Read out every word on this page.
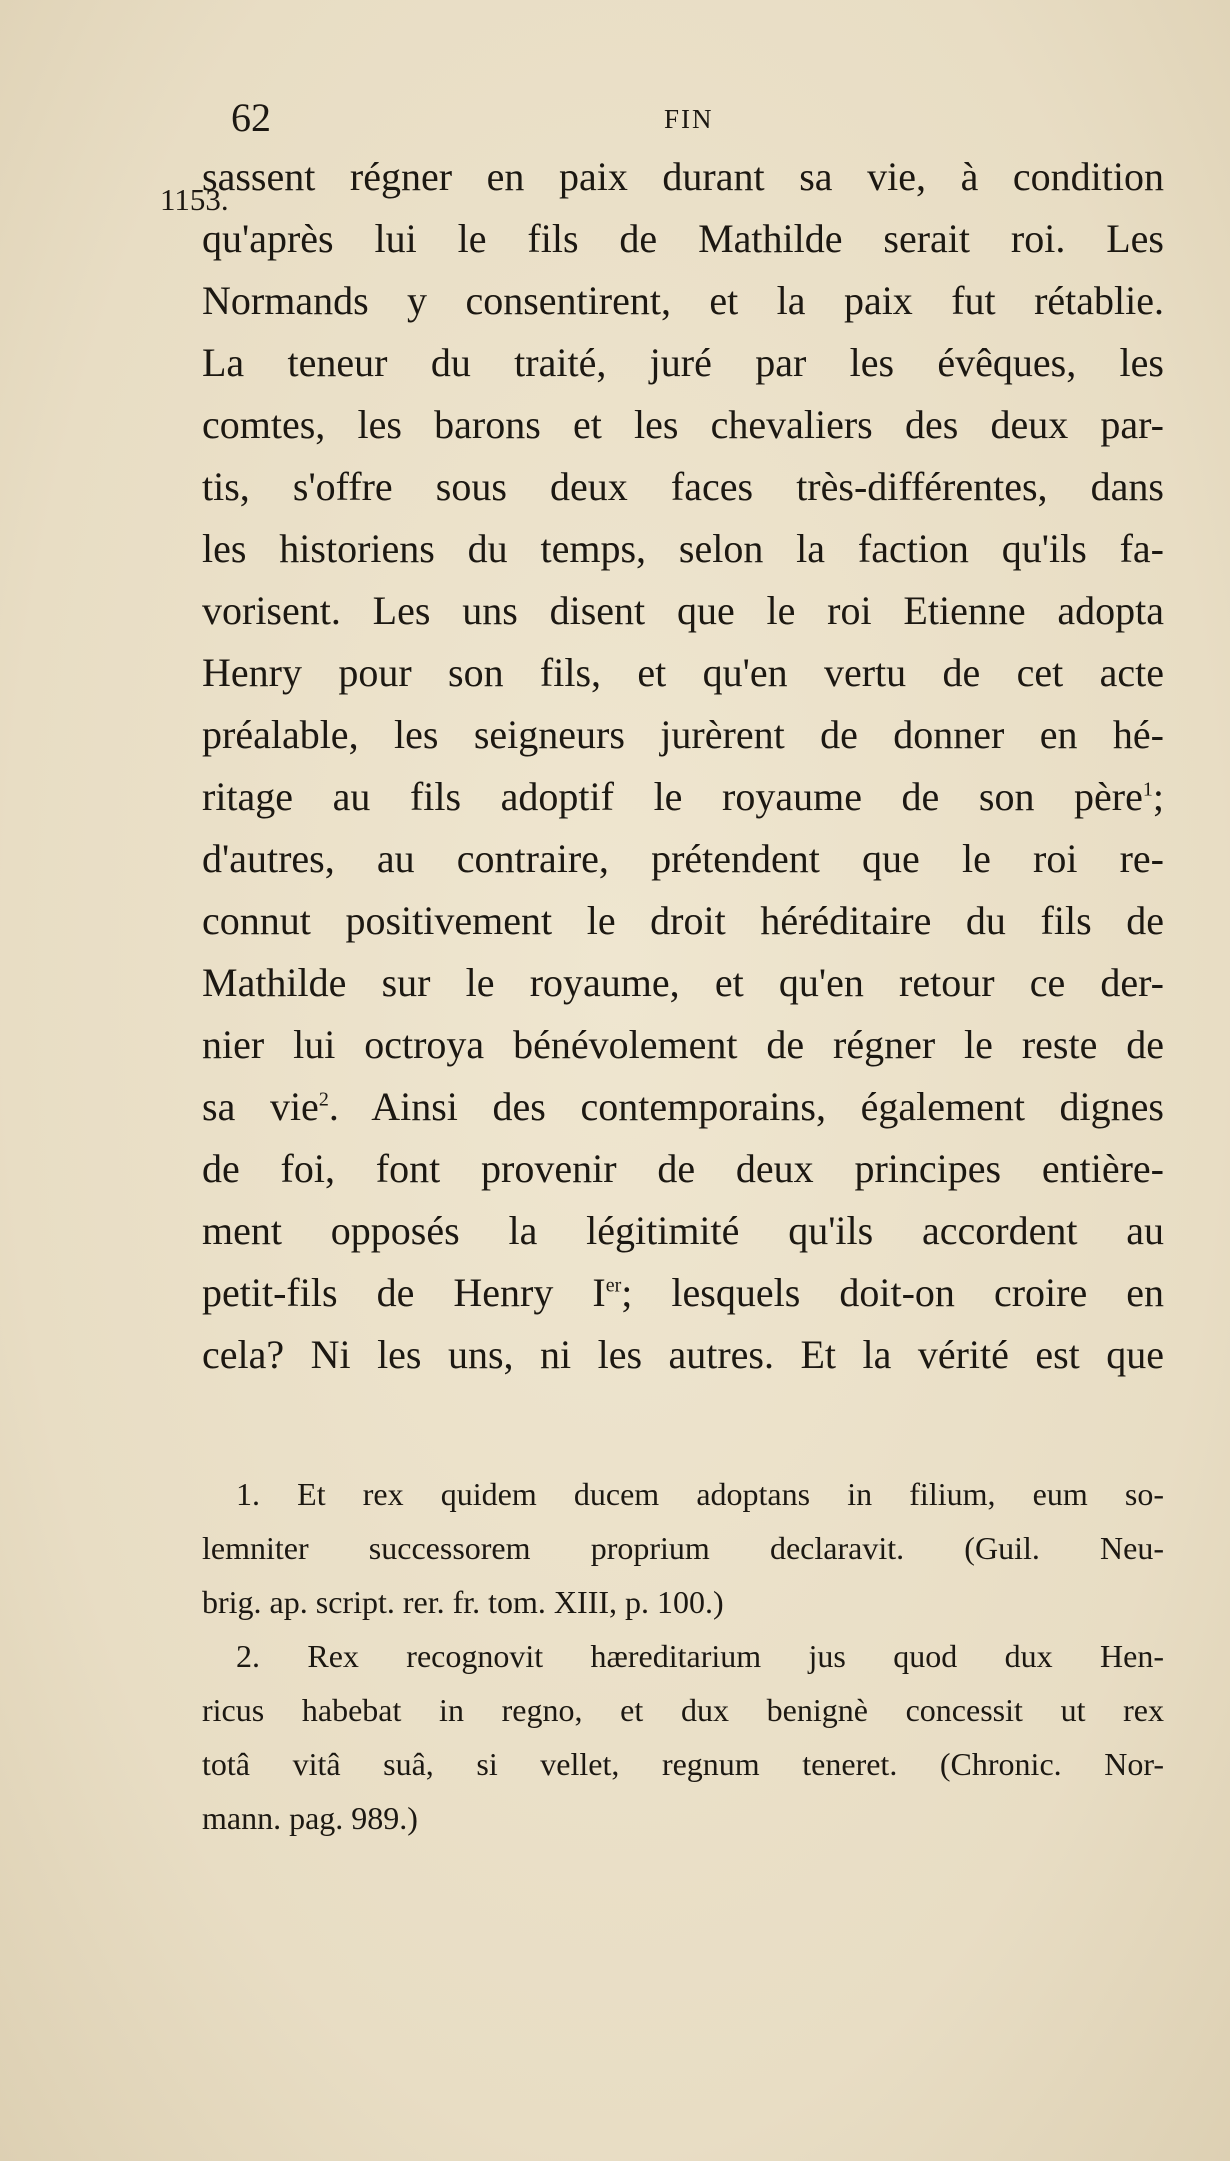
62	FIN
1153.
sassent régner en paix durant sa vie, à condition
qu'après lui le fils de Mathilde serait roi. Les
Normands y consentirent, et la paix fut rétablie.
La teneur du traité, juré par les évêques, les
comtes, les barons et les chevaliers des deux par-
tis, s'offre sous deux faces très-différentes, dans
les historiens du temps, selon la faction qu'ils fa-
vorisent. Les uns disent que le roi Etienne adopta
Henry pour son fils, et qu'en vertu de cet acte
préalable, les seigneurs jurèrent de donner en hé-
ritage au fils adoptif le royaume de son père$^1$;
d'autres, au contraire, prétendent que le roi re-
connut positivement le droit héréditaire du fils de
Mathilde sur le royaume, et qu'en retour ce der-
nier lui octroya bénévolement de régner le reste de
sa vie$^2$. Ainsi des contemporains, également dignes
de foi, font provenir de deux principes entière-
ment opposés la légitimité qu'ils accordent au
petit-fils de Henry Ier; lesquels doit-on croire en
cela? Ni les uns, ni les autres. Et la vérité est que
1. Et rex quidem ducem adoptans in filium, eum so-
lemniter successorem proprium declaravit. (Guil. Neu-
brig. ap. script. rer. fr. tom. XIII, p. 100.)
2. Rex recognovit hæreditarium jus quod dux Hen-
ricus habebat in regno, et dux benignè concessit ut rex
totâ vitâ suâ, si vellet, regnum teneret. (Chronic. Nor-
mann. pag. 989.)
